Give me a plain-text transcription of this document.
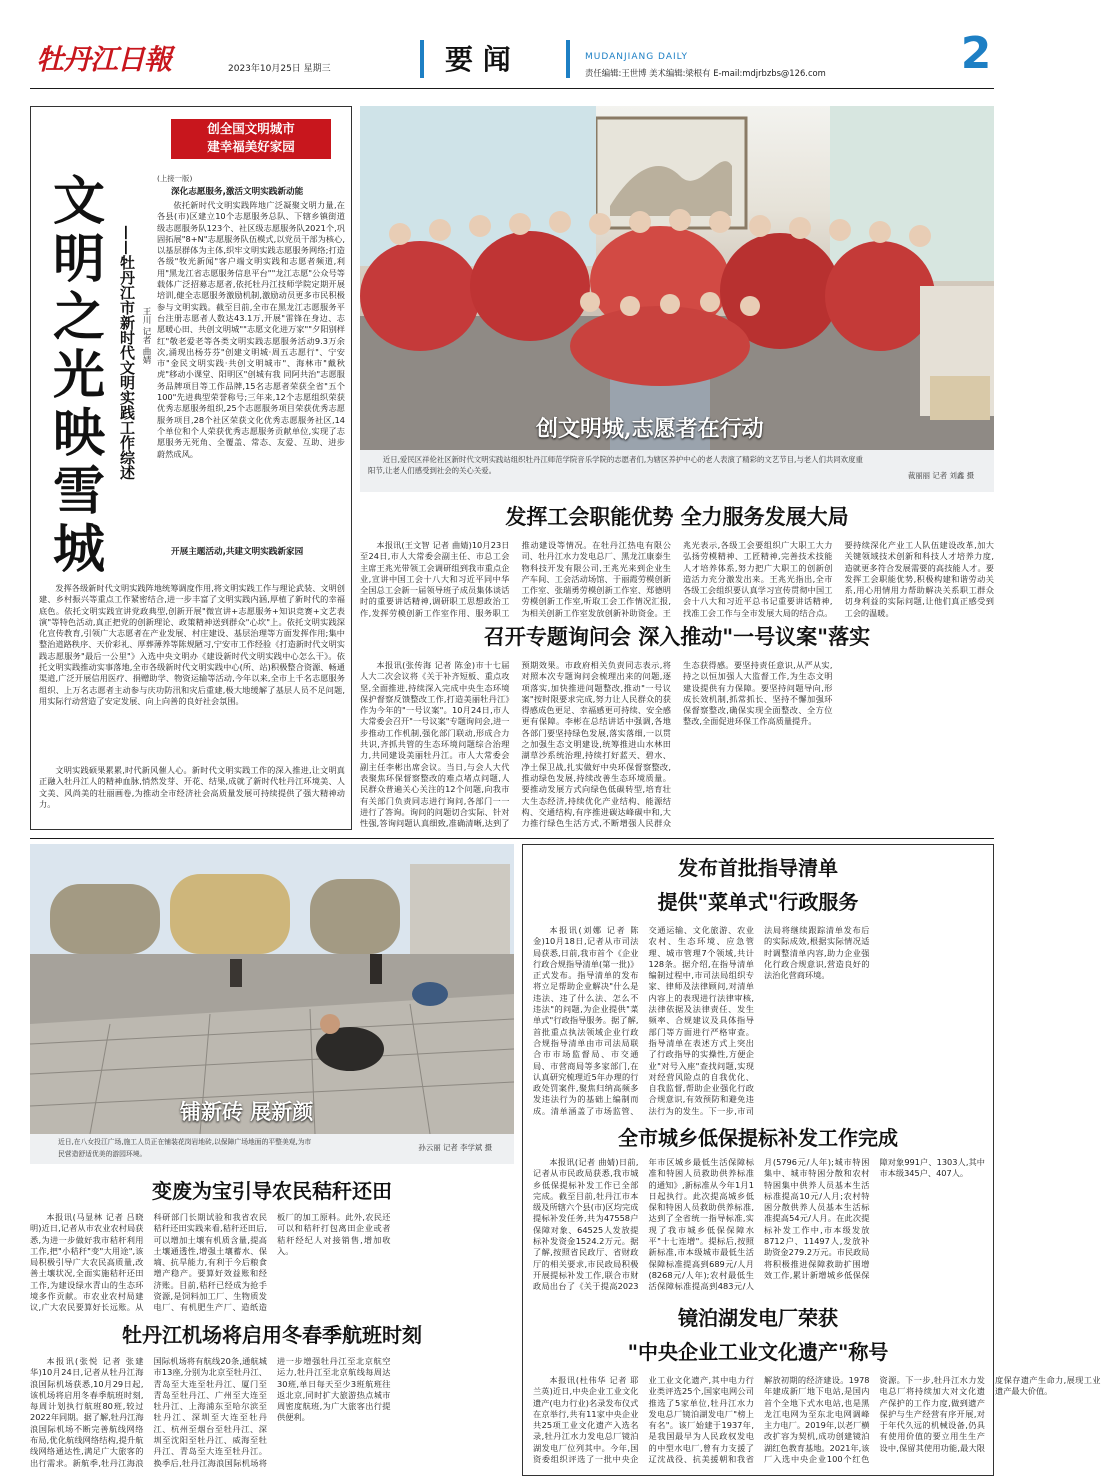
牡丹江日報	2023年10月25日 星期三	要 闻	MUDANJIANG DAILY
责任编辑:王世博 美术编辑:梁根有 E-mail:mdjrbzbs@126.com	2
创全国文明城市
建幸福美好家园
文明之光映雪城
——牡丹江市新时代文明实践工作综述 王川 记者 曲婧
(上接一版)
深化志愿服务,激活文明实践新动能
依托新时代文明实践阵地广泛凝聚文明力量,在各县(市)区建立10个志愿服务总队、下辖乡镇街道级志愿服务队123个、社区级志愿服务队2021个,巩固拓展"8+N"志愿服务队伍模式,以党员干部为核心,以基层群体为主体,织牢文明实践志愿服务网络;打造各级"牧光新闻"客户端文明实践和志愿者频道,利用"黑龙江省志愿服务信息平台""龙江志愿"公众号等载体广泛招募志愿者,依托牡丹江技师学院定期开展培训,健全志愿服务激励机制,激励动员更多市民积极参与文明实践。截至目前,全市在黑龙江志愿服务平台注册志愿者人数达43.1万,开展"雷锋在身边、志愿暖心田、共创文明城""志愿文化进万家""夕阳别样红"敬老爱老等各类文明实践志愿服务活动9.3万余次,涌现出杨芬芬"创建文明城·周五志愿行"、宁安市"金民文明实践·共创文明城市"、海林市"戴秋虎"移动小课堂、阳明区"创城有我 同阿共治"志愿服务品牌项目等工作品牌,15名志愿者荣获全省"五个100"先进典型荣誉称号;三年来,12个志愿组织荣获优秀志愿服务组织,25个志愿服务项目荣获优秀志愿服务项目,28个社区荣获文化优秀志愿服务社区,14个单位和个人荣获优秀志愿服务贡献单位,实现了志愿服务无死角、全覆盖、常态、友爱、互助、进步蔚然成风。
开展主题活动,共建文明实践新家园
发挥各级新时代文明实践阵地统筹调度作用,将文明实践工作与理论武装、文明创建、乡村振兴等重点工作紧密结合,进一步丰富了文明实践内涵,厚植了新时代的幸福底色。依托文明实践宣讲党政典型,创新开展"微宣讲+志愿服务+知识竞赛+文艺表演"等特色活动,真正把党的创新理论、政策精神送到群众"心坎"上。依托文明实践深化宣传教育,引领广大志愿者在产业发展、村庄建设、基层治理等方面发挥作用;集中整治道路秩序、天价彩礼、厚葬薄养等陈规陋习,宁安市工作经验《打造新时代文明实践志愿服务"最后一公里"》入选中央文明办《建设新时代文明实践中心怎么干》。依托文明实践推动实事落地,全市各级新时代文明实践中心(所、站)积极整合资源、畅通渠道,广泛开展信用医疗、捐赠助学、物资运输等活动,今年以来,全市上千名志愿服务组织、上万名志愿者主动参与庆功防汛和灾后重建,极大地缓解了基层人员不足问题,用实际行动营造了安定发展、向上向善的良好社会氛围。
文明实践硕果累累,时代新风催人心。新时代文明实践工作的深入推进,让文明真正融入牡丹江人的精神血脉,悄然发芽、开花、结果,成就了新时代牡丹江环境美、人文美、风尚美的壮丽画卷,为推动全市经济社会高质量发展可持续提供了强大精神动力。
创文明城,志愿者在行动
近日,爱民区祥伦社区新时代文明实践站组织牡丹江师范学院音乐学院的志愿者们,为辖区养护中心的老人表演了精彩的文艺节目,与老人们共同欢度重阳节,让老人们感受到社会的关心关爱。
裁丽丽 记者 刘鑫 摄
发挥工会职能优势 全力服务发展大局
本报讯(王文智 记者 曲婧)10月23日至24日,市人大常委会副主任、市总工会主席王兆光带领工会调研组到我市重点企业,宣讲中国工会十八大和习近平同中华全国总工会新一届领导班子成员集体谈话时的重要讲话精神,调研职工思想政治工作,发挥劳模创新工作室作用、服务职工推动建设等情况。在牡丹江热电有限公司、牡丹江水力发电总厂、黑龙江康泰生物科技开发有限公司,王兆光来到企业生产车间、工会活动场馆、于丽霞劳模创新工作室、张瑞勇劳模创新工作室、郑德明劳模创新工作室,听取工会工作情况汇报,为相关创新工作室发放创新补助资金。王兆光表示,各级工会要组织广大职工大力弘扬劳模精神、工匠精神,完善技术技能人才培养体系,努力把广大职工的创新创造活力充分激发出来。王兆光指出,全市各级工会组织要认真学习宣传贯彻中国工会十八大和习近平总书记重要讲话精神,找准工会工作与全市发展大局的结合点。要持续深化产业工人队伍建设改革,加大关键领域技术创新和科技人才培养力度,造就更多符合发展需要的高技能人才。要发挥工会职能优势,积极构建和谐劳动关系,用心用情用力帮助解决关系职工群众切身利益的实际问题,让他们真正感受到工会的温暖。
召开专题询问会 深入推动"一号议案"落实
本报讯(张传海 记者 陈金)市十七届人大二次会议将《关于补齐短板、重点攻坚,全面推进,持续深入完成中央生态环境保护督察反馈整改工作,打造美丽牡丹江》作为今年的"一号议案"。10月24日,市人大常委会召开"一号议案"专题询问会,进一步推动工作机制,强化部门联动,形成合力共识,齐抓共管的生态环境问题综合治理力,共同建设美丽牡丹江。市人大常委会副主任李彬出席会议。当日,与会人大代表聚焦环保督察整改的难点堵点问题,人民群众普遍关心关注的12个问题,向我市有关部门负责同志进行询问,各部门一一进行了答询。询问的问题切合实际、针对性强,答询问题认真细致,准确清晰,达到了预期效果。市政府相关负责同志表示,将对照本次专题询问会梳理出来的问题,逐项落实,加快推进问题整改,推动"一号议案"按时限要求完成,努力让人民群众的获得感成色更足、幸福感更可持续、安全感更有保障。李彬在总结讲话中强调,各地各部门要坚持绿色发展,落实落细,一以贯之加强生态文明建设,统筹推进山水林田湖草沙系统治理,持续打好蓝天、碧水、净土保卫战,扎实做好中央环保督察整改,推动绿色发展,持续改善生态环境质量。要推动发展方式向绿色低碳转型,培育壮大生态经济,持续优化产业结构、能源结构、交通结构,有序推进碳达峰碳中和,大力推行绿色生活方式,不断增强人民群众生态获得感。要坚持责任意识,从严从实,持之以恒加强人大监督工作,为生态文明建设提供有力保障。要坚持问题导向,形成长效机制,抓常抓长、坚持不懈加强环保督察整改,确保实现全面整改、全方位整改,全面促进环保工作高质量提升。
铺新砖 展新颜
近日,在八女投江广场,施工人员正在铺装花岗岩地砖,以保障广场地面的平整美观,为市民营造舒适优美的游园环境。
孙云丽 记者 李学斌 摄
变废为宝引导农民秸秆还田
本报讯(马显林 记者 吕晓明)近日,记者从市农业农村局获悉,为进一步做好我市秸秆利用工作,把"小秸秆"变"大用途",该局积极引导广大农民高质量,改善土壤状况,全面实施秸秆还田工作,为建设绿水青山的生态环境多作贡献。市农业农村局建议,广大农民要算好长远账。从科研部门长期试验和我省农民秸秆还田实践来看,秸秆还田后,可以增加土壤有机质含量,提高土壤通透性,增强土壤蓄水、保墒、抗旱能力,有利于今后粮食增产稳产。要算好效益账和经济账。目前,秸秆已经成为抢手资源,是饲料加工厂、生物质发电厂、有机肥生产厂、造纸造板厂的加工原料。此外,农民还可以和秸秆打包离田企业或者秸秆经纪人对接销售,增加收入。
牡丹江机场将启用冬春季航班时刻
本报讯(张悦 记者 张建华)10月24日,记者从牡丹江海浪国际机场获悉,10月29日起,该机场将启用冬春季航班时刻,每周计划执行航班80班,较过2022年同期。据了解,牡丹江海浪国际机场不断完善航线网络布局,优化航线网络结构,提升航线网络通达性,满足广大旅客的出行需求。新航季,牡丹江海浪国际机场将有航线20条,通航城市13座,分别为北京至牡丹江、青岛至大连至牡丹江、厦门至青岛至牡丹江、广州至大连至牡丹江、上海浦东至哈尔滨至牡丹江、深圳至大连至牡丹江、杭州至烟台至牡丹江、深圳至沈阳至牡丹江、威海至牡丹江、青岛至大连至牡丹江。换季后,牡丹江海浪国际机场将进一步增强牡丹江至北京航空运力,牡丹江至北京航线每周达30班,单日每天至少3班航班往返北京,同时扩大旅游热点城市周密度航班,为广大旅客出行提供便利。
发布首批指导清单
提供"菜单式"行政服务
本报讯(刘娜 记者 陈金)10月18日,记者从市司法局获悉,日前,我市首个《企业行政合规指导清单(第一批)》正式发布。指导清单的发布将立足帮助企业解决"什么是违法、违了什么法、怎么不违法"的问题,为企业提供"菜单式"行政指导服务。据了解,首批重点执法领域企业行政合规指导清单由市司法局联合市市场监督局、市交通局、市营商局等多家部门,在认真研究梳理近5年办理的行政处罚案件,聚焦归纳高频多发违法行为的基础上编制而成。清单涵盖了市场监管、交通运输、文化旅游、农业农村、生态环境、应急管理、城市管理7个领域,共计128条。据介绍,在指导清单编制过程中,市司法局组织专家、律师及法律顾问,对清单内容上的表现进行法律审核,法律依据及法律责任、发生频率、合规建议及具体指导部门等方面进行严格审查。指导清单在表述方式上突出了行政指导的实操性,方便企业"对号入座"查找问题,实现对经营风险点的自我优化、自我监督,帮助企业强化行政合规意识,有效预防和避免违法行为的发生。下一步,市司法局将继续跟踪清单发布后的实际成效,根据实际情况适时调整清单内容,助力企业强化行政合规意识,营造良好的法治化营商环境。
全市城乡低保提标补发工作完成
本报讯(记者 曲婧)日前,记者从市民政局获悉,我市城乡低保提标补发工作已全部完成。截至目前,牡丹江市本级及所辖六个县(市)区均完成提标补发任务,共为47558户保障对象、64525人发放提标补发资金1524.2万元。据了解,按照省民政厅、省财政厅的相关要求,市民政局积极开展提标补发工作,联合市财政局出台了《关于提高2023年市区城乡最低生活保障标准和特困人员救助供养标准的通知》,新标准从今年1月1日起执行。此次提高城乡低保和特困人员救助供养标准,达到了全省统一指导标准,实现了我市城乡低保保障水平"十七连增"。提标后,按照新标准,市本级城市最低生活保障标准提高到689元/人月(8268元/人年);农村最低生活保障标准提高到483元/人月(5796元/人年);城市特困集中、城市特困分散和农村特困集中供养人员基本生活标准提高10元/人月;农村特困分散供养人员基本生活标准提高54元/人月。在此次提标补发工作中,市本级发放8712户、11497人,发放补助资金279.2万元。市民政局将积极推进保障救助扩围增效工作,累计新增城乡低保保障对象991户、1303人,其中市本级345户、407人。
镜泊湖发电厂荣获
"中央企业工业文化遗产"称号
本报讯(杜伟华 记者 耶兰英)近日,中央企业工业文化遗产(电力行业)名录发布仪式在京举行,共有11家中央企业共25项工业文化遗产入选名录,牡丹江水力发电总厂镜泊湖发电厂位列其中。今年,国资委组织评选了一批中央企业工业文化遗产,其中电力行业类评选25个,国家电网公司推选了5家单位,牡丹江水力发电总厂镜泊湖发电厂"榜上有名"。该厂始建于1937年,是我国最早为人民政权发电的中型水电厂,曾有力支援了辽沈战役、抗美援朝和我省解放初期的经济建设。1978年建成新厂地下电站,是国内首个全地下式水电站,也是黑龙江电网为至东北电网调峰主力电厂。2019年,以老厂横改扩容为契机,成功创建镜泊湖红色教育基地。2021年,该厂入选中央企业100个红色资源。下一步,牡丹江水力发电总厂将持续加大对文化遗产保护的工作力度,做到遗产保护与生产经营有序开展,对于年代久远的机械设备,仍具有使用价值的要立用生生产设中,保留其使用功能,最大限度保存遗产生命力,展现工业遗产最大价值。
